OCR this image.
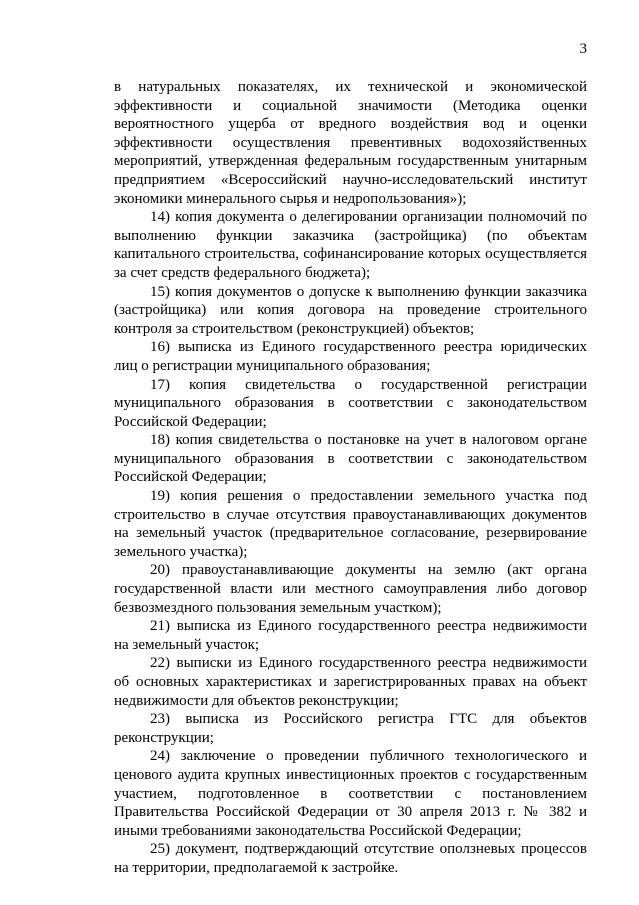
3

в натуральных показателях, их технической и экономической эффективности и социальной значимости (Методика оценки вероятностного ущерба от вредного воздействия вод и оценки эффективности осуществления превентивных водохозяйственных мероприятий, утвержденная федеральным государственным унитарным предприятием «Всероссийский научно-исследовательский институт экономики минерального сырья и недропользования»);

14) копия документа о делегировании организации полномочий по выполнению функции заказчика (застройщика) (по объектам капитального строительства, софинансирование которых осуществляется за счет средств федерального бюджета);

15) копия документов о допуске к выполнению функции заказчика (застройщика) или копия договора на проведение строительного контроля за строительством (реконструкцией) объектов;

16) выписка из Единого государственного реестра юридических лиц о регистрации муниципального образования;

17) копия свидетельства о государственной регистрации муниципального образования в соответствии с законодательством Российской Федерации;

18) копия свидетельства о постановке на учет в налоговом органе муниципального образования в соответствии с законодательством Российской Федерации;

19) копия решения о предоставлении земельного участка под строительство в случае отсутствия правоустанавливающих документов на земельный участок (предварительное согласование, резервирование земельного участка);

20) правоустанавливающие документы на землю (акт органа государственной власти или местного самоуправления либо договор безвозмездного пользования земельным участком);

21) выписка из Единого государственного реестра недвижимости на земельный участок;

22) выписки из Единого государственного реестра недвижимости об основных характеристиках и зарегистрированных правах на объект недвижимости для объектов реконструкции;

23) выписка из Российского регистра ГТС для объектов реконструкции;

24) заключение о проведении публичного технологического и ценового аудита крупных инвестиционных проектов с государственным участием, подготовленное в соответствии с постановлением Правительства Российской Федерации от 30 апреля 2013 г. № 382 и иными требованиями законодательства Российской Федерации;

25) документ, подтверждающий отсутствие оползневых процессов на территории, предполагаемой к застройке.
